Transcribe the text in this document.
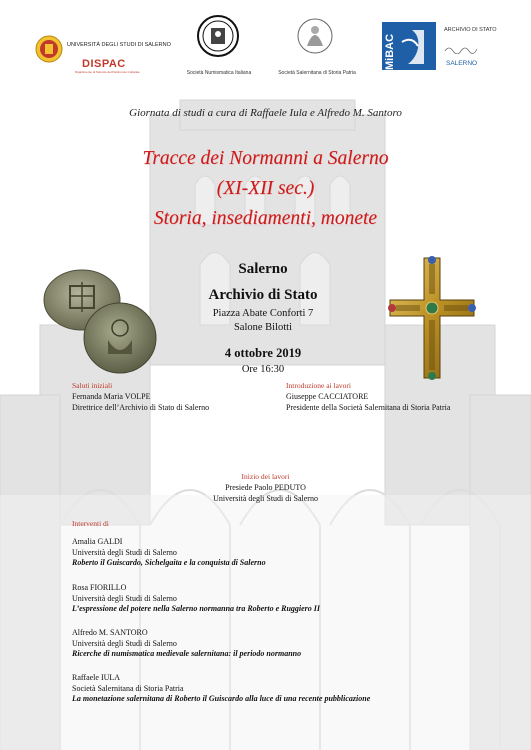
UNIVERSITÀ DEGLI STUDI DI SALERNO
DISPAC
Dipartimento di Scienze del Patrimonio Culturale	Società Numismatica Italiana	Società Salernitana di Storia Patria
MiBAC
ARCHIVIO DI STATO
SALERNO
Giornata di studi a cura di Raffaele Iula e Alfredo M. Santoro
Tracce dei Normanni a Salerno
(XI-XII sec.)
Storia, insediamenti, monete
Salerno
Archivio di Stato
Piazza Abate Conforti 7
Salone Bilotti
4 ottobre 2019
Ore 16:30
Saluti iniziali
Fernanda Maria VOLPE
Direttrice dell’Archivio di Stato di Salerno
Introduzione ai lavori
Giuseppe CACCIATORE
Presidente della Società Salernitana di Storia Patria
Inizio dei lavori
Presiede Paolo PEDUTO
Università degli Studi di Salerno
Interventi di
Amalia GALDI
Università degli Studi di Salerno
Roberto il Guiscardo, Sichelgaita e la conquista di Salerno
Rosa FIORILLO
Università degli Studi di Salerno
L’espressione del potere nella Salerno normanna tra Roberto e Ruggiero II
Alfredo M. SANTORO
Università degli Studi di Salerno
Ricerche di numismatica medievale salernitana: il periodo normanno
Raffaele IULA
Società Salernitana di Storia Patria
La monetazione salernitana di Roberto il Guiscardo alla luce di una recente pubblicazione
